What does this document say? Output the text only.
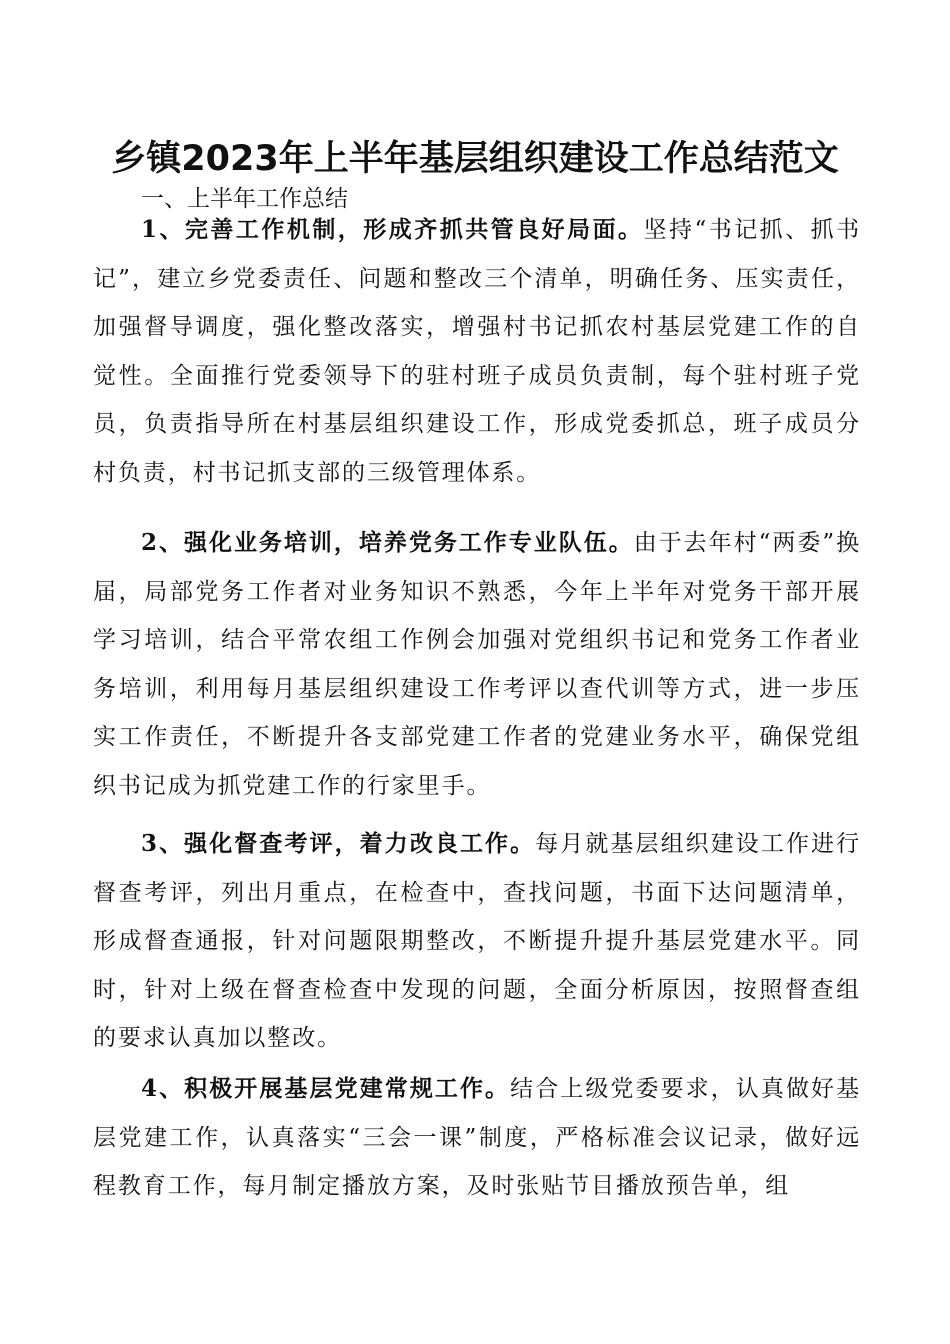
乡镇2023年上半年基层组织建设工作总结范文
一、上半年工作总结

1、完善工作机制，形成齐抓共管良好局面。坚持“书记抓、抓书记”，建立乡党委责任、问题和整改三个清单，明确任务、压实责任，加强督导调度，强化整改落实，增强村书记抓农村基层党建工作的自觉性。全面推行党委领导下的驻村班子成员负责制，每个驻村班子党员，负责指导所在村基层组织建设工作，形成党委抓总，班子成员分村负责，村书记抓支部的三级管理体系。

2、强化业务培训，培养党务工作专业队伍。由于去年村“两委”换届，局部党务工作者对业务知识不熟悉，今年上半年对党务干部开展学习培训，结合平常农组工作例会加强对党组织书记和党务工作者业务培训，利用每月基层组织建设工作考评以查代训等方式，进一步压实工作责任，不断提升各支部党建工作者的党建业务水平，确保党组织书记成为抓党建工作的行家里手。

3、强化督查考评，着力改良工作。每月就基层组织建设工作进行督查考评，列出月重点，在检查中，查找问题，书面下达问题清单，形成督查通报，针对问题限期整改，不断提升提升基层党建水平。同时，针对上级在督查检查中发现的问题，全面分析原因，按照督查组的要求认真加以整改。

4、积极开展基层党建常规工作。结合上级党委要求，认真做好基层党建工作，认真落实“三会一课”制度，严格标准会议记录，做好远程教育工作，每月制定播放方案，及时张贴节目播放预告单，组
